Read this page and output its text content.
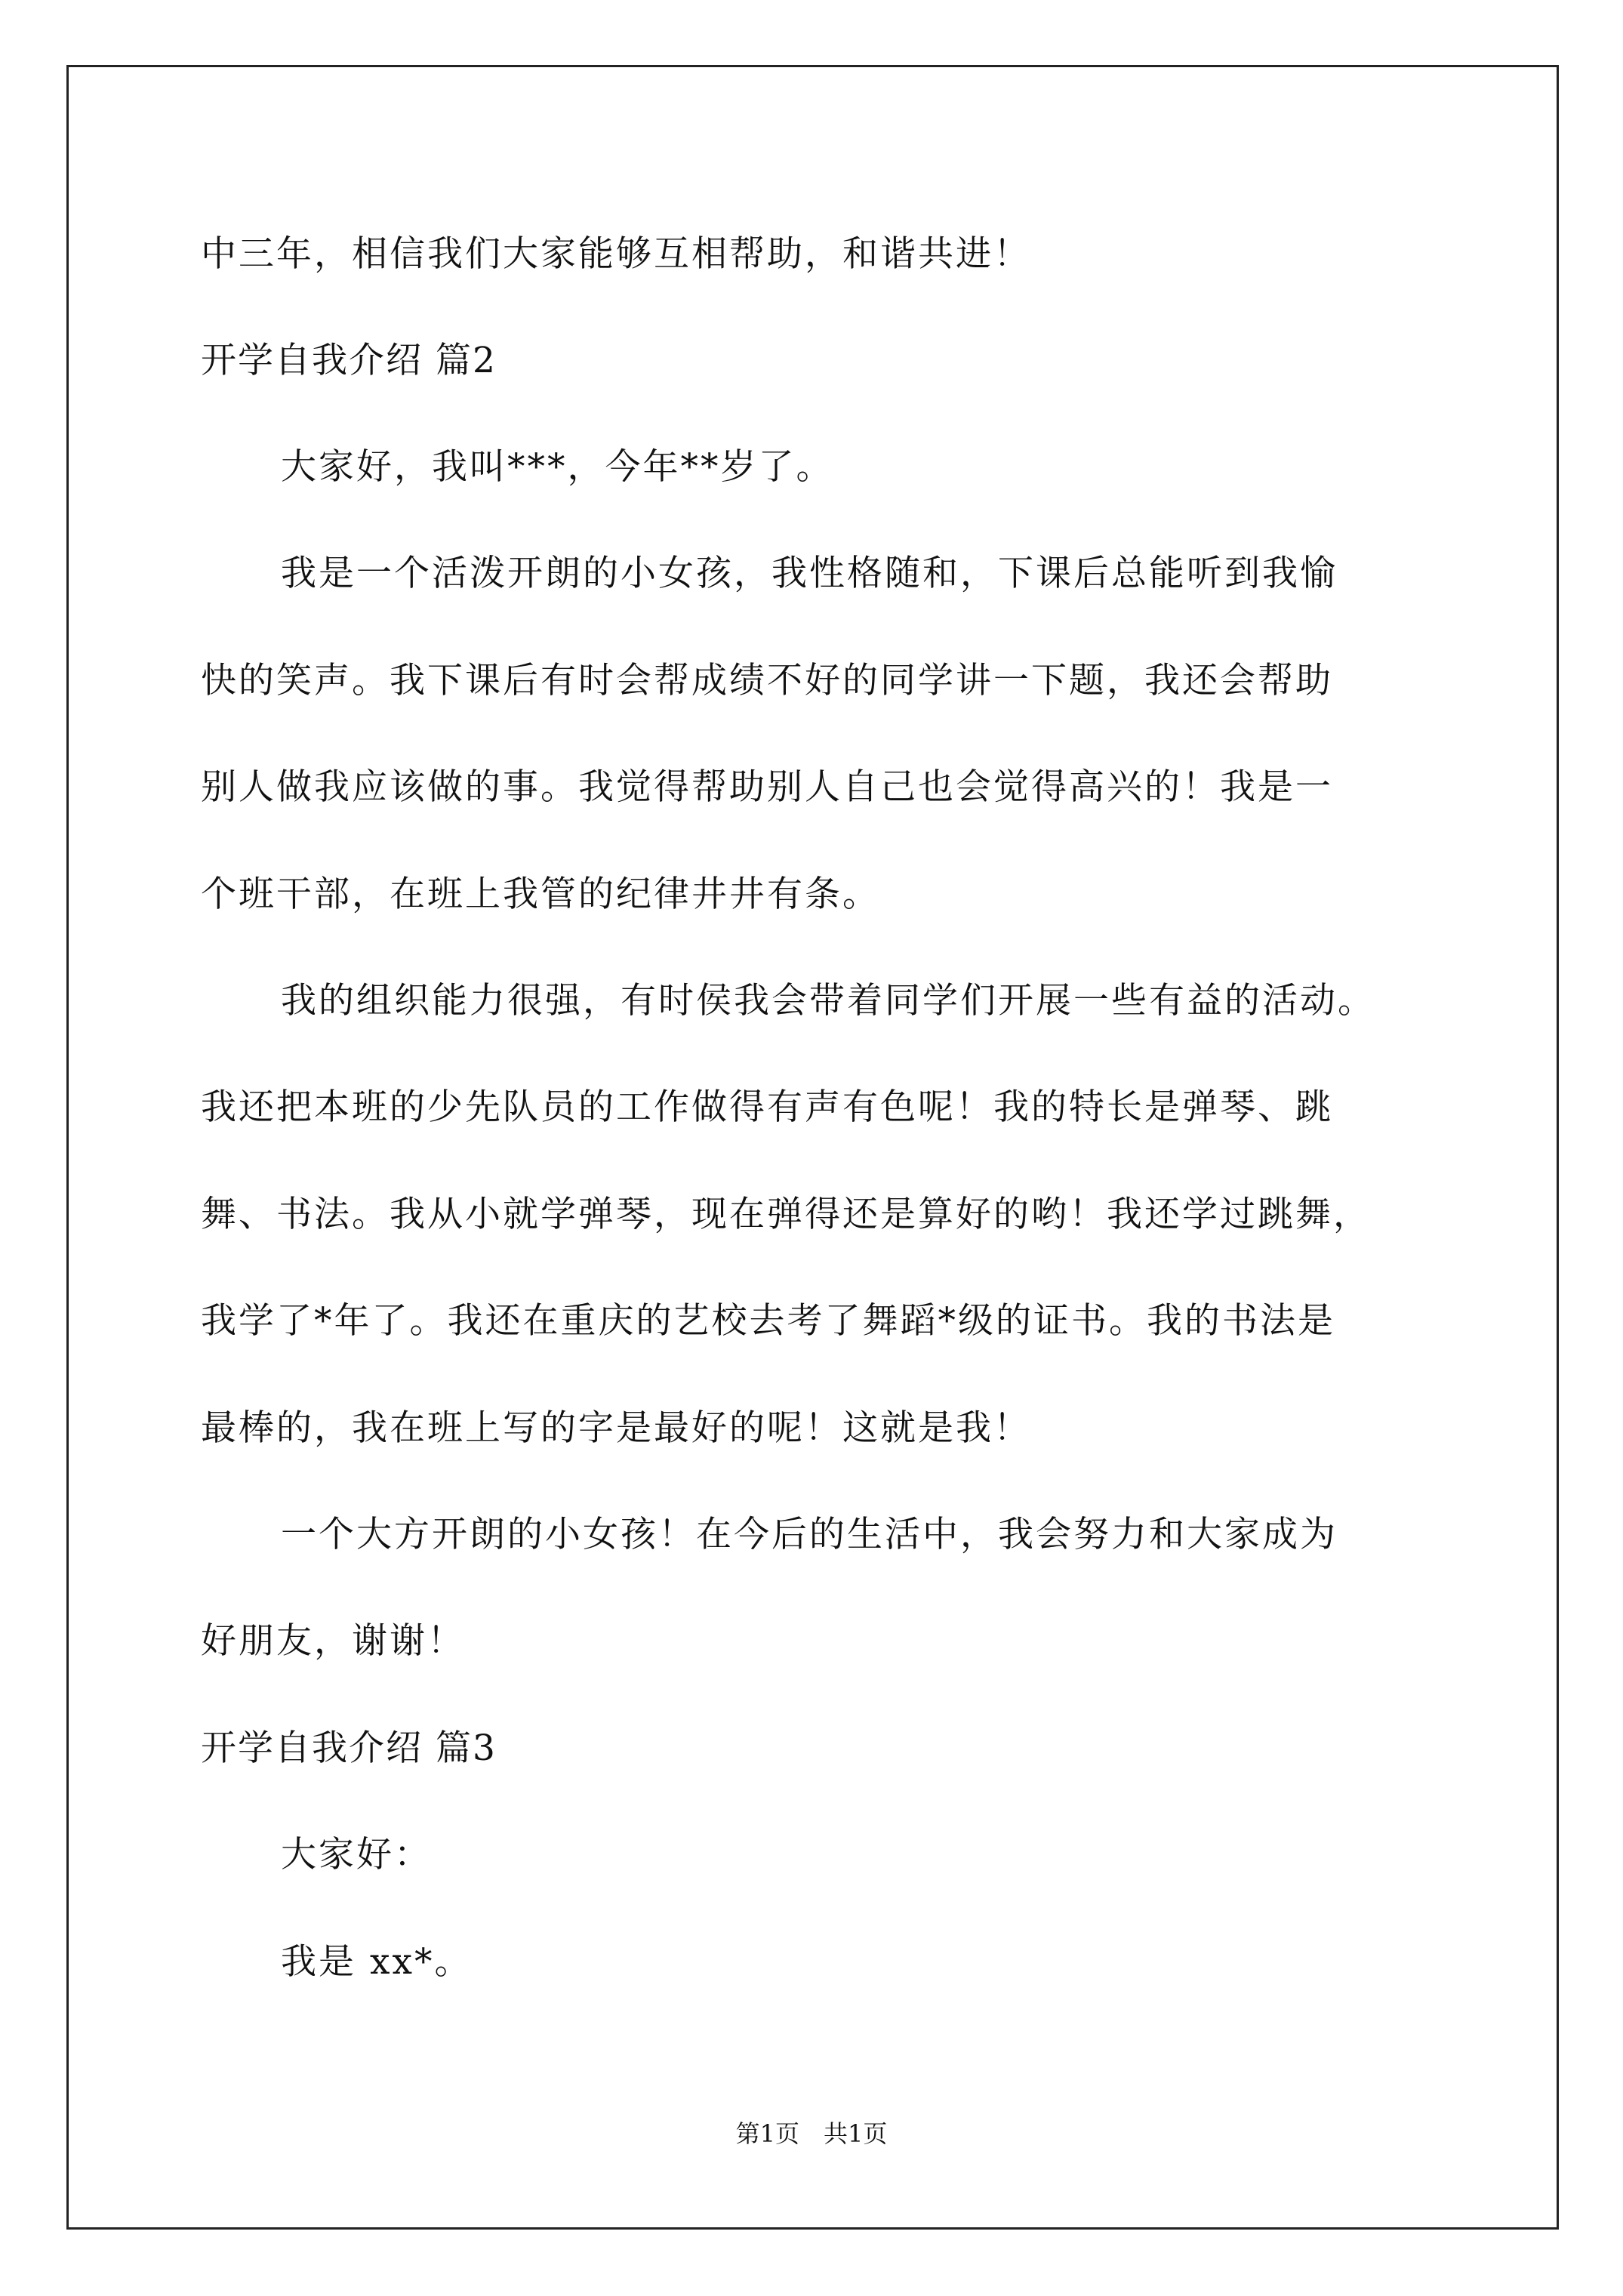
中三年，相信我们大家能够互相帮助，和谐共进！
开学自我介绍 篇2
大家好，我叫***，今年**岁了。
我是一个活泼开朗的小女孩，我性格随和，下课后总能听到我愉
快的笑声。我下课后有时会帮成绩不好的同学讲一下题，我还会帮助
别人做我应该做的事。我觉得帮助别人自己也会觉得高兴的！我是一
个班干部，在班上我管的纪律井井有条。
我的组织能力很强，有时侯我会带着同学们开展一些有益的活动。
我还把本班的少先队员的工作做得有声有色呢！我的特长是弹琴、跳
舞、书法。我从小就学弹琴，现在弹得还是算好的哟！我还学过跳舞，
我学了*年了。我还在重庆的艺校去考了舞蹈*级的证书。我的书法是
最棒的，我在班上写的字是最好的呢！这就是我！
一个大方开朗的小女孩！在今后的生活中，我会努力和大家成为
好朋友，谢谢！
开学自我介绍 篇3
大家好：
我是 xx*。
第1页　共1页
